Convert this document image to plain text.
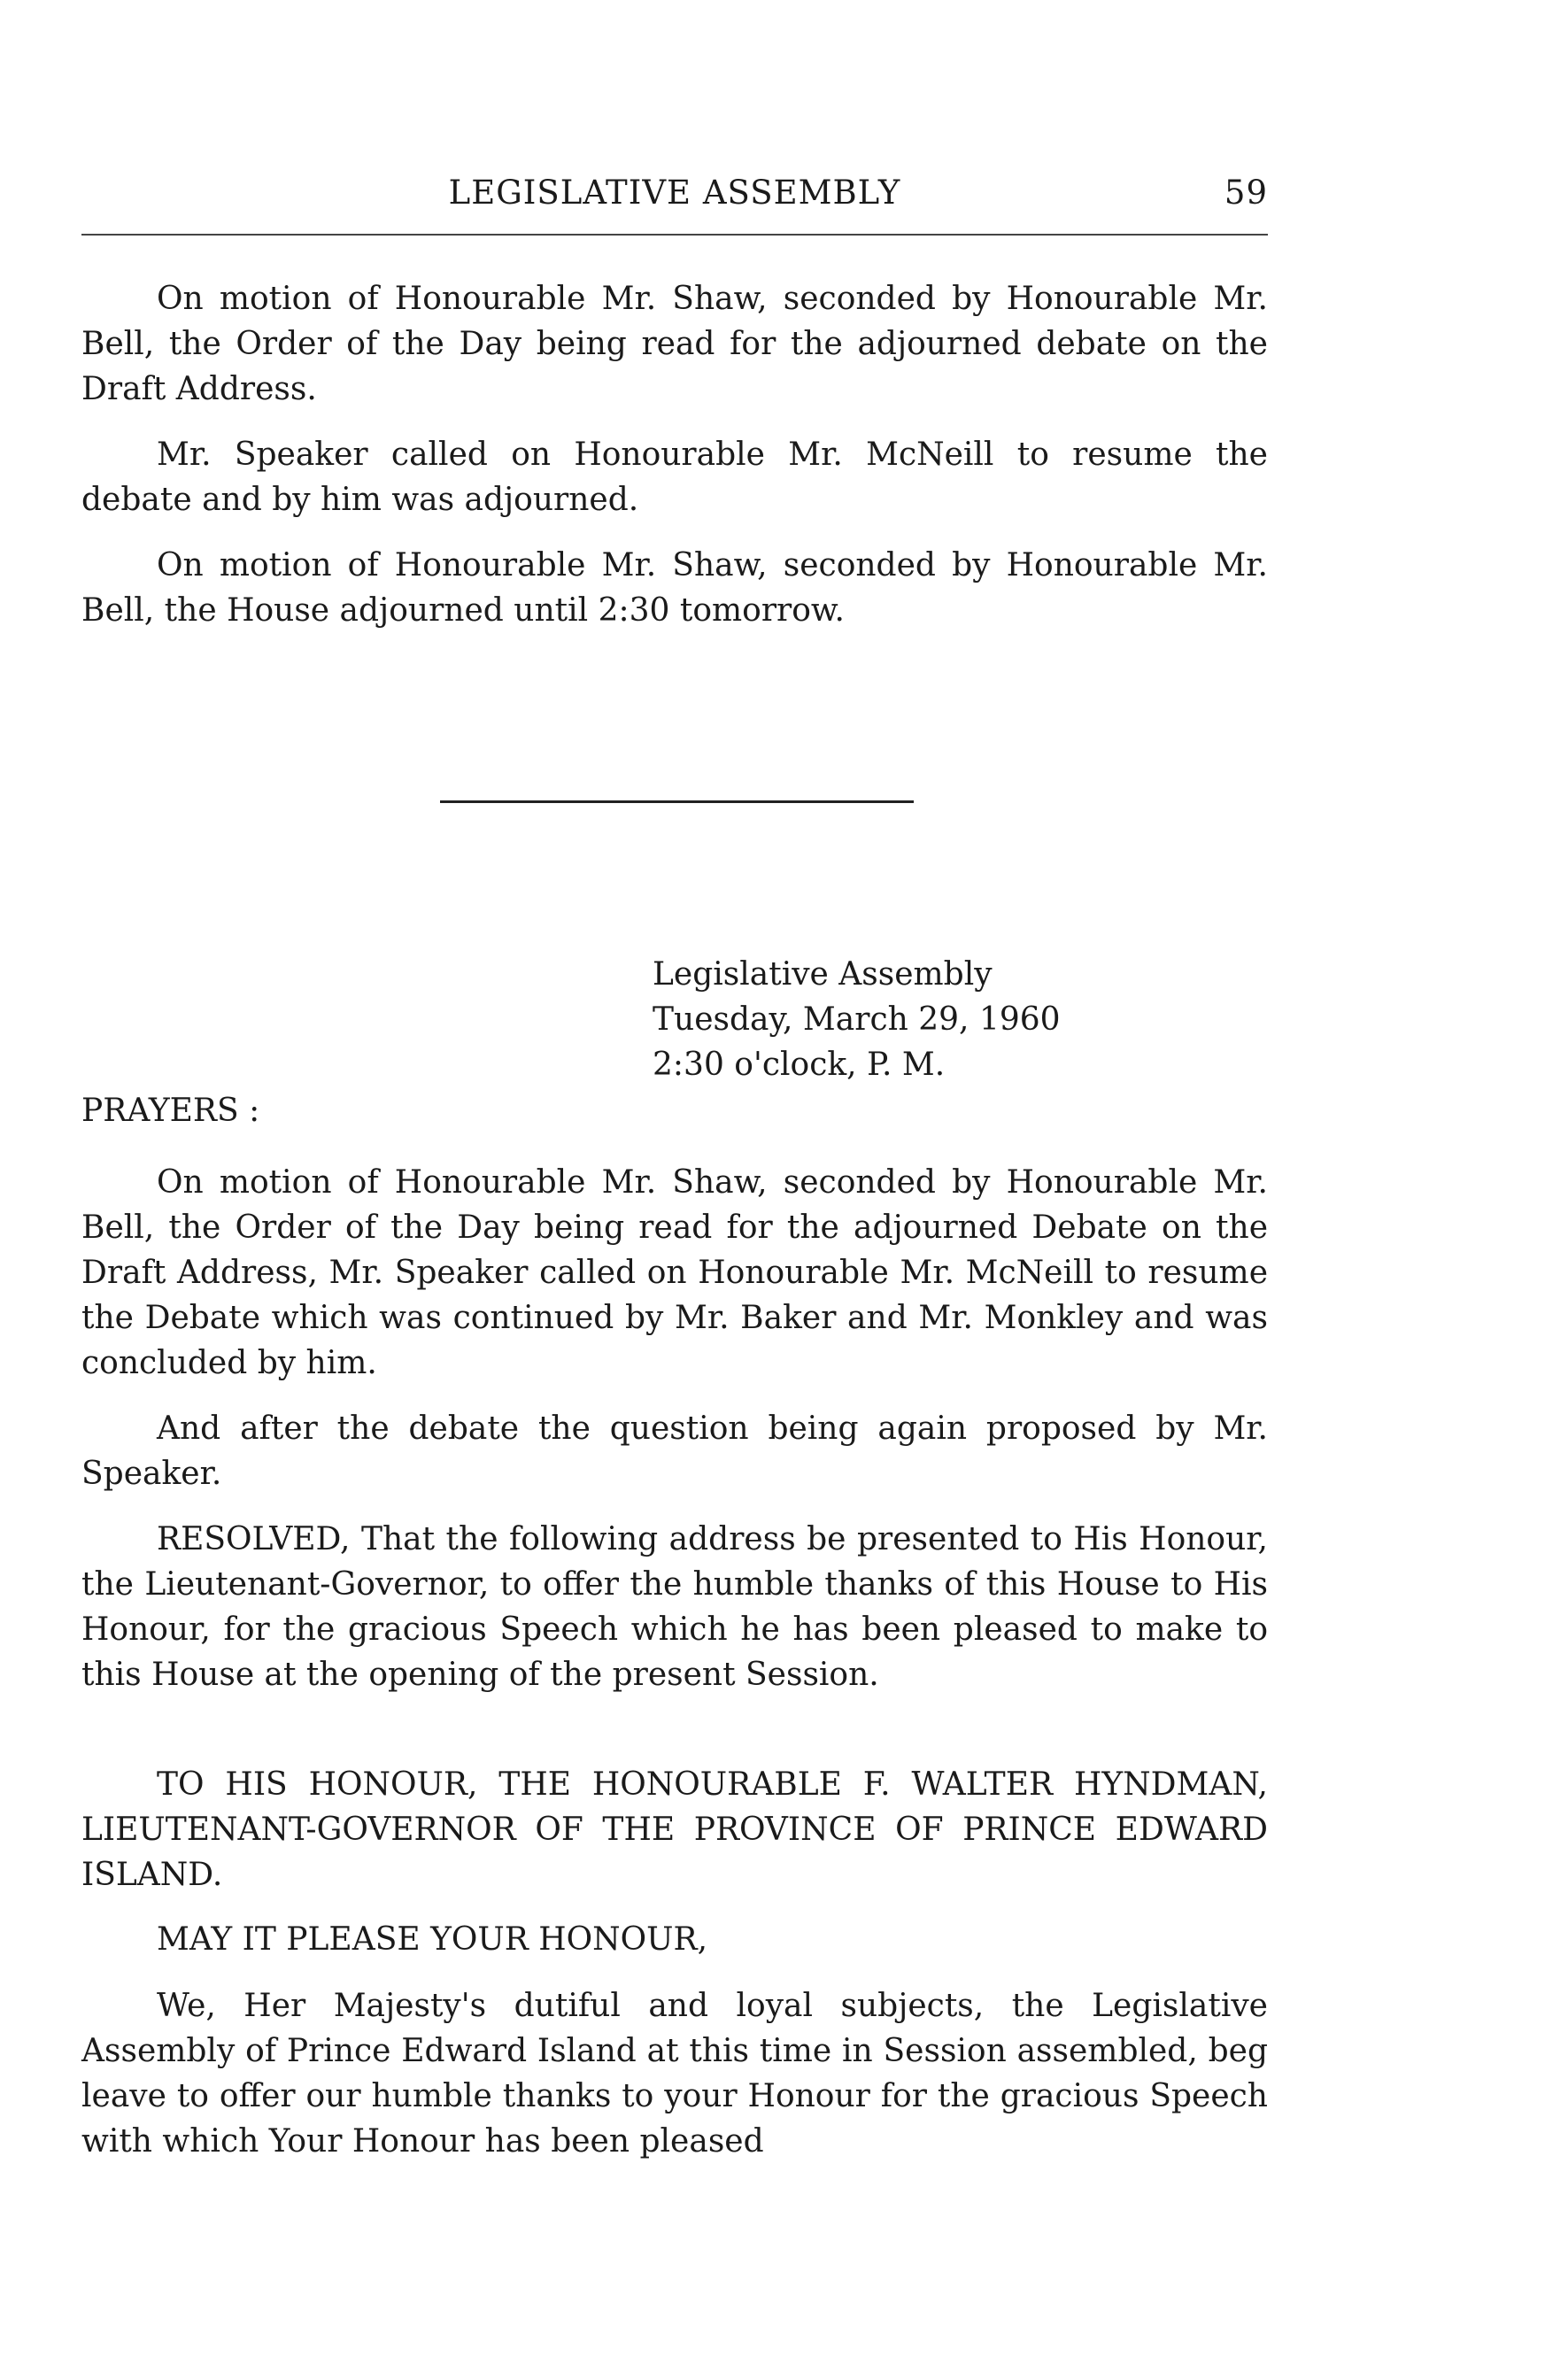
LEGISLATIVE ASSEMBLY	59

On motion of Honourable Mr. Shaw, seconded by Honourable Mr. Bell, the Order of the Day being read for the adjourned debate on the Draft Address.

Mr. Speaker called on Honourable Mr. McNeill to resume the debate and by him was adjourned.

On motion of Honourable Mr. Shaw, seconded by Honourable Mr. Bell, the House adjourned until 2:30 tomorrow.

Legislative Assembly
Tuesday, March 29, 1960
2:30 o'clock, P. M.
PRAYERS :

On motion of Honourable Mr. Shaw, seconded by Honourable Mr. Bell, the Order of the Day being read for the adjourned Debate on the Draft Address, Mr. Speaker called on Honourable Mr. McNeill to resume the Debate which was continued by Mr. Baker and Mr. Monkley and was concluded by him.

And after the debate the question being again proposed by Mr. Speaker.

RESOLVED, That the following address be presented to His Honour, the Lieutenant-Governor, to offer the humble thanks of this House to His Honour, for the gracious Speech which he has been pleased to make to this House at the opening of the present Session.

TO HIS HONOUR, THE HONOURABLE F. WALTER HYNDMAN, LIEUTENANT-GOVERNOR OF THE PROVINCE OF PRINCE EDWARD ISLAND.

MAY IT PLEASE YOUR HONOUR,

We, Her Majesty's dutiful and loyal subjects, the Legislative Assembly of Prince Edward Island at this time in Session assembled, beg leave to offer our humble thanks to your Honour for the gracious Speech with which Your Honour has been pleased
